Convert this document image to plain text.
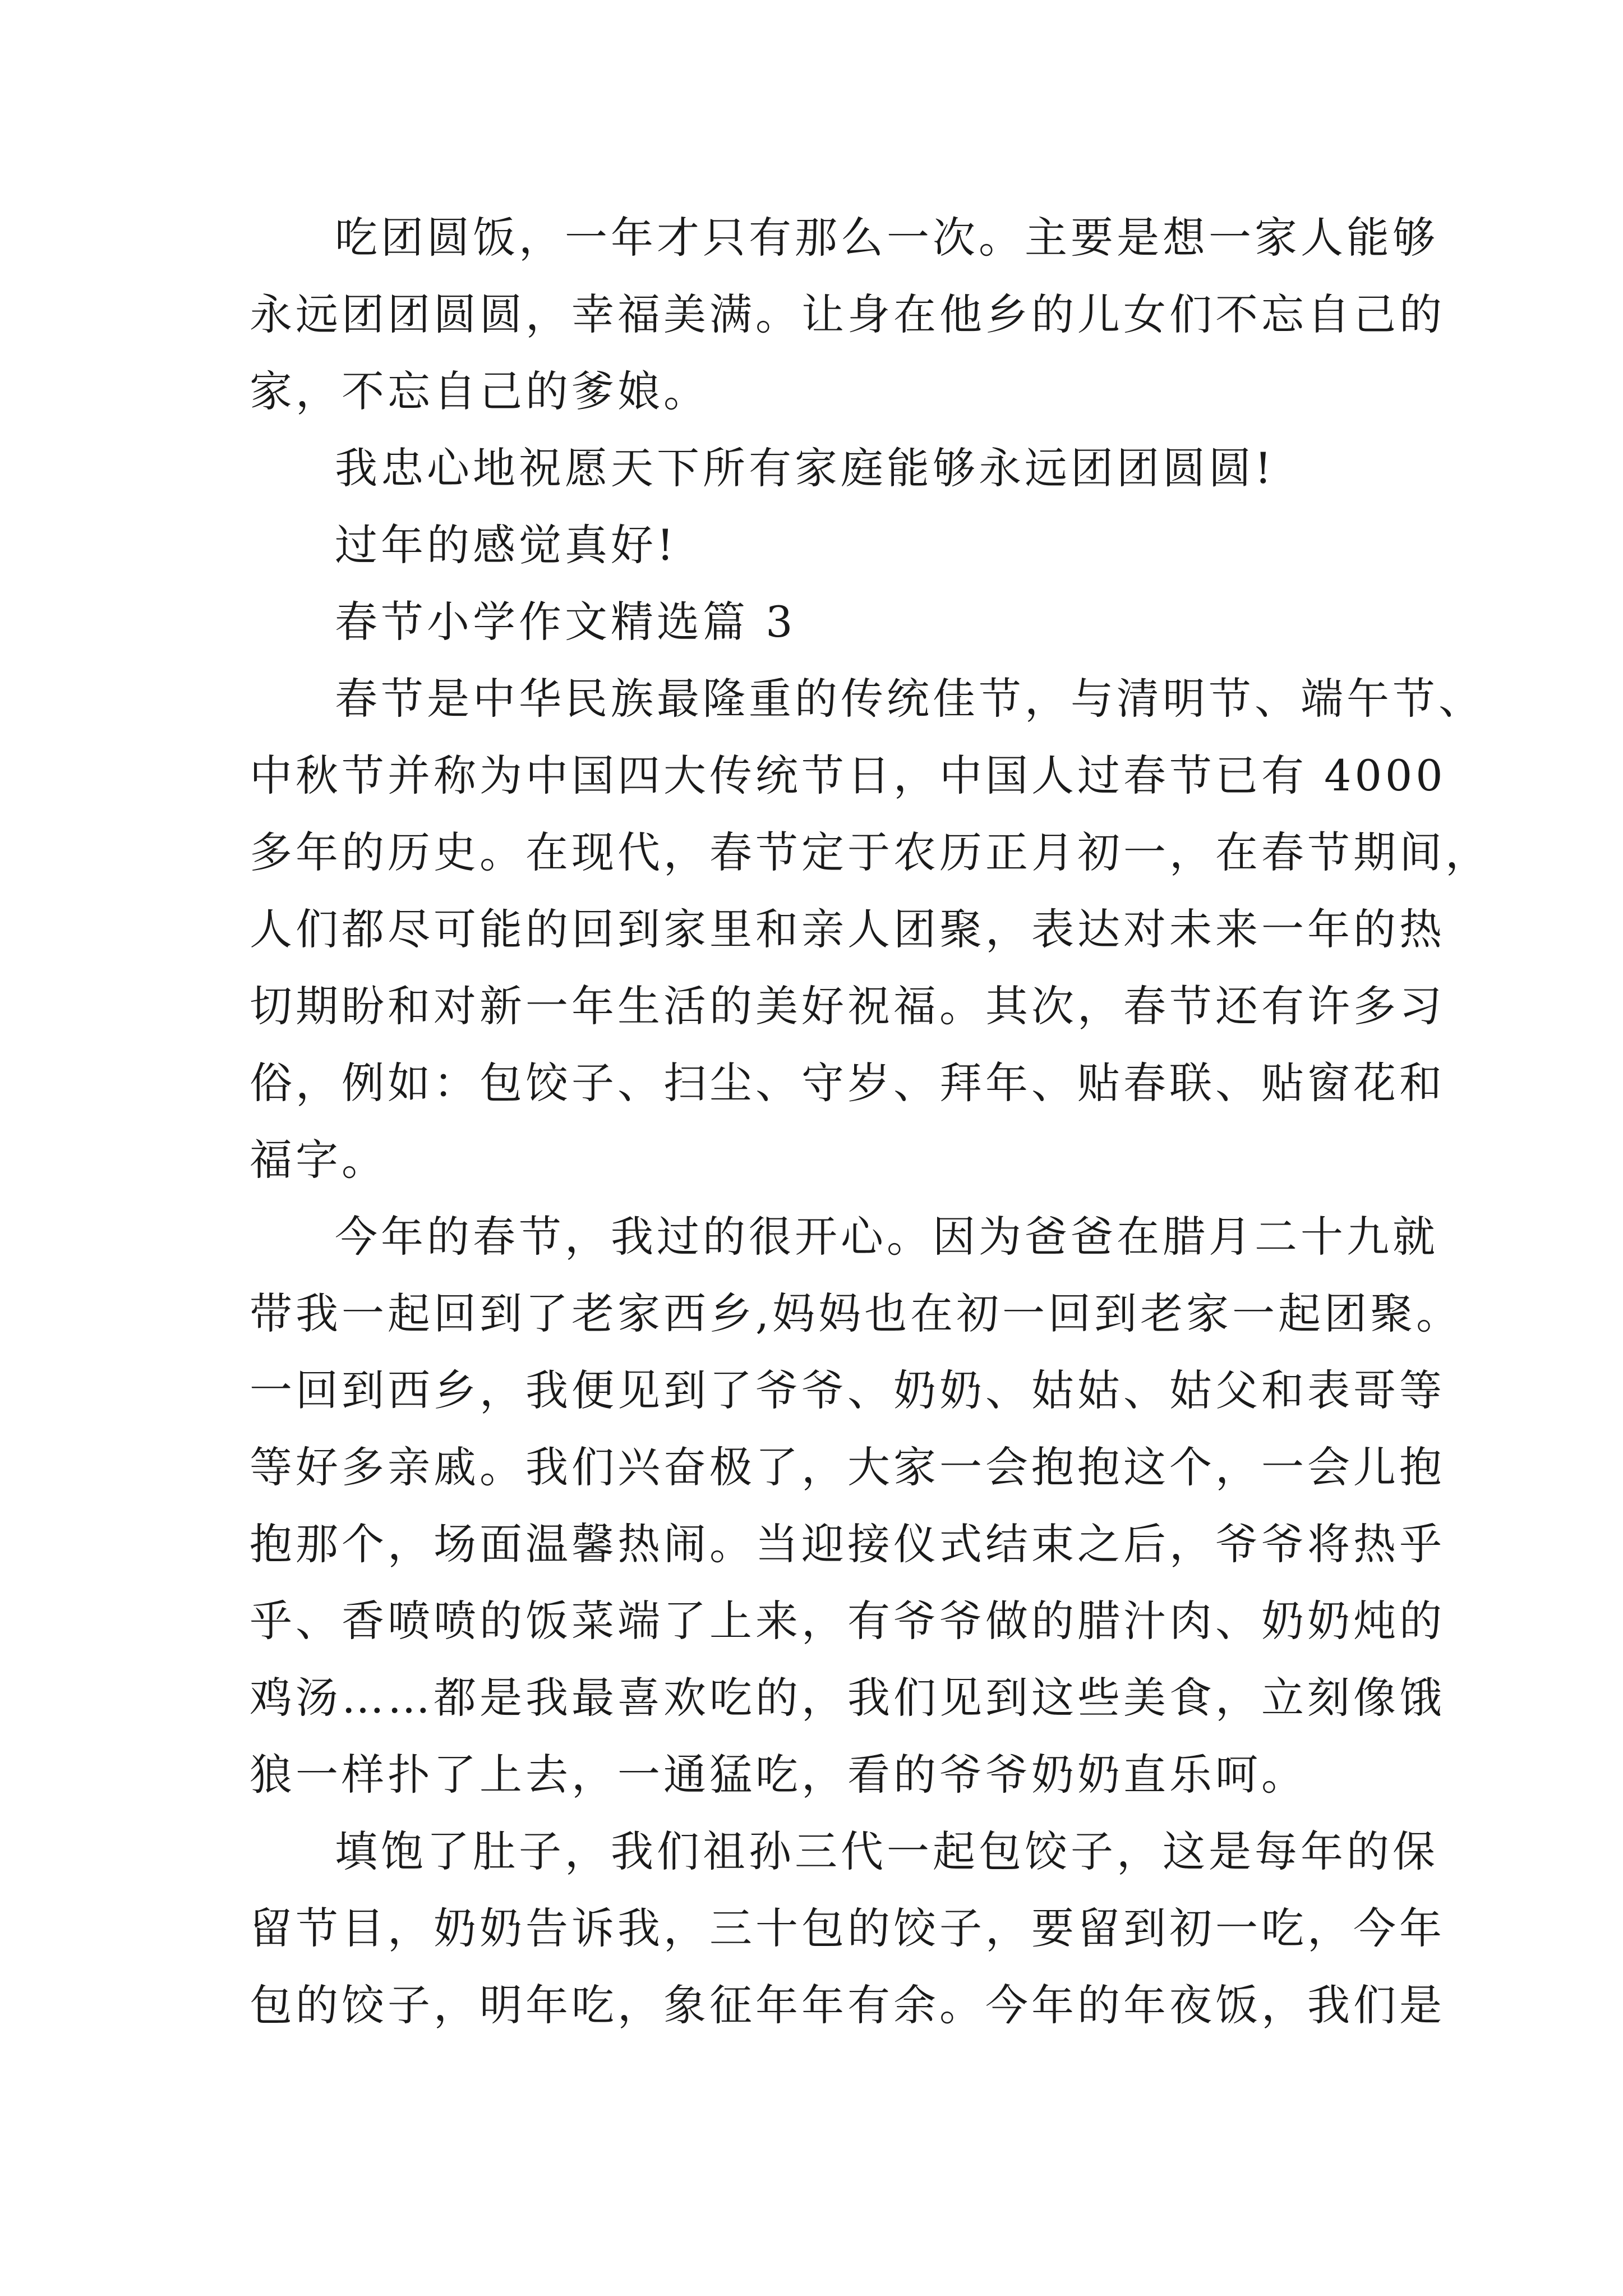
吃团圆饭，一年才只有那么一次。主要是想一家人能够
永远团团圆圆，幸福美满。让身在他乡的儿女们不忘自己的
家，不忘自己的爹娘。
我忠心地祝愿天下所有家庭能够永远团团圆圆!
过年的感觉真好!
春节小学作文精选篇 3
春节是中华民族最隆重的传统佳节，与清明节、端午节、
中秋节并称为中国四大传统节日，中国人过春节已有 4000
多年的历史。在现代，春节定于农历正月初一，在春节期间，
人们都尽可能的回到家里和亲人团聚，表达对未来一年的热
切期盼和对新一年生活的美好祝福。其次，春节还有许多习
俗，例如：包饺子、扫尘、守岁、拜年、贴春联、贴窗花和
福字。
今年的春节，我过的很开心。因为爸爸在腊月二十九就
带我一起回到了老家西乡,妈妈也在初一回到老家一起团聚。
一回到西乡，我便见到了爷爷、奶奶、姑姑、姑父和表哥等
等好多亲戚。我们兴奋极了，大家一会抱抱这个，一会儿抱
抱那个，场面温馨热闹。当迎接仪式结束之后，爷爷将热乎
乎、香喷喷的饭菜端了上来，有爷爷做的腊汁肉、奶奶炖的
鸡汤……都是我最喜欢吃的，我们见到这些美食，立刻像饿
狼一样扑了上去，一通猛吃，看的爷爷奶奶直乐呵。
填饱了肚子，我们祖孙三代一起包饺子，这是每年的保
留节目，奶奶告诉我，三十包的饺子，要留到初一吃，今年
包的饺子，明年吃，象征年年有余。今年的年夜饭，我们是
